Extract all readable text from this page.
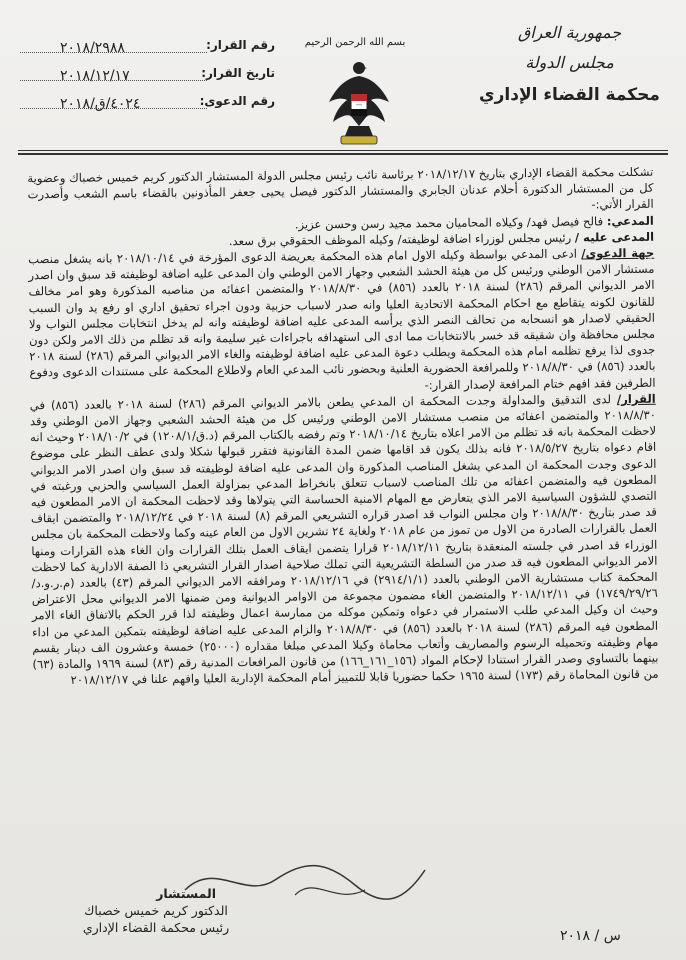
جمهورية العراق
مجلس الدولة
محكمة القضاء الإداري
بسم الله الرحمن الرحيم
***
رقم القرار:
٢٠١٨/٢٩٨٨
تاريخ القرار:
٢٠١٨/١٢/١٧
رقم الدعوى:
٤٠٢٤/ق/٢٠١٨

تشكلت محكمة القضاء الإداري بتاريخ ٢٠١٨/١٢/١٧ برئاسة نائب رئيس مجلس الدولة المستشار الدكتور كريم خميس خصباك وعضوية كل من المستشار الدكتورة أحلام عدنان الجابري والمستشار الدكتور فيصل يحيى جعفر المأذونين بالقضاء باسم الشعب وأصدرت القرار الأتي:-

المدعي: فالح فيصل فهد/ وكيلاه المحاميان محمد مجيد رسن وحسن عزيز.

المدعى عليه / رئيس مجلس لوزراء اضافة لوظيفته/ وكيله الموظف الحقوقي برق سعد.

جهة الدعوى/ ادعى المدعي بواسطة وكيله الاول امام هذه المحكمة بعريضة الدعوى المؤرخة في ٢٠١٨/١٠/١٤ بانه يشغل منصب مستشار الامن الوطني ورئيس كل من هيئة الحشد الشعبي وجهاز الامن الوطني وان المدعى عليه اضافة لوظيفته قد سبق وان اصدر الامر الديواني المرقم (٢٨٦) لسنة ٢٠١٨ بالعدد (٨٥٦) في ٢٠١٨/٨/٣٠ والمتضمن اعفائه من مناصبه المذكورة وهو امر مخالف للقانون لكونه يتقاطع مع احكام المحكمة الاتحادية العليا وانه صدر لاسباب حزبية ودون اجراء تحقيق اداري او رفع يد وان السبب الحقيقي لاصدار هو انسحابه من تحالف النصر الذي يرأسه المدعى عليه اضافة لوظيفته وانه لم يدخل انتخابات مجلس النواب ولا مجلس محافظة وان شقيقه قد خسر بالانتخابات مما ادى الى استهدافه باجراءات غير سليمة وانه قد تظلم من ذلك الامر ولكن دون جدوى لذا يرفع تظلمه امام هذه المحكمة ويطلب دعوة المدعى عليه اضافة لوظيفته والغاء الامر الديواني المرقم (٢٨٦) لسنة ٢٠١٨ بالعدد (٨٥٦) في ٢٠١٨/٨/٣٠ وللمرافعة الحضورية العلنية وبحضور نائب المدعي العام ولاطلاع المحكمة على مستندات الدعوى ودفوع الطرفين فقد افهم ختام المرافعة لإصدار القرار:-

القرار/ لدى التدقيق والمداولة وجدت المحكمة ان المدعي يطعن بالامر الديواني المرقم (٢٨٦) لسنة ٢٠١٨ بالعدد (٨٥٦) في ٢٠١٨/٨/٣٠ والمتضمن اعفائه من منصب مستشار الامن الوطني ورئيس كل من هيئة الحشد الشعبي وجهاز الامن الوطني وقد لاحظت المحكمة بانه قد تظلم من الامر اعلاه بتاريخ ٢٠١٨/١٠/١٤ وتم رفضه بالكتاب المرقم (د.ق/١٢٠٨/١) في ٢٠١٨/١٠/٢ وحيث انه اقام دعواه بتاريخ ٢٠١٨/٥/٢٧ فانه بذلك يكون قد اقامها ضمن المدة القانونية فتقرر قبولها شكلا ولدى عطف النظر على موضوع الدعوى وجدت المحكمة ان المدعي يشغل المناصب المذكورة وان المدعى عليه اضافة لوظيفته قد سبق وان اصدر الامر الديواني المطعون فيه والمتضمن اعفائه من تلك المناصب لاسباب تتعلق بانخراط المدعي بمزاولة العمل السياسي والحزبي ورغبته في التصدي للشؤون السياسية الامر الذي يتعارض مع المهام الامنية الحساسة التي يتولاها وقد لاحظت المحكمة ان الامر المطعون فيه قد صدر بتاريخ ٢٠١٨/٨/٣٠ وان مجلس النواب قد اصدر قراره التشريعي المرقم (٨) لسنة ٢٠١٨ في ٢٠١٨/١٢/٢٤ والمتضمن ايقاف العمل بالقرارات الصادرة من الاول من تموز من عام ٢٠١٨ ولغاية ٢٤ تشرين الاول من العام عينه وكما ولاحظت المحكمة بان مجلس الوزراء قد اصدر في جلسته المنعقدة بتاريخ ٢٠١٨/١٢/١١ قرارا يتضمن ايقاف العمل بتلك القرارات وان الغاء هذه القرارات ومنها الامر الديواني المطعون فيه قد صدر من السلطة التشريعية التي تملك صلاحية اصدار القرار التشريعي ذا الصفة الادارية كما لاحظت المحكمة كتاب مستشارية الامن الوطني بالعدد (٢٩١٤/١/١) في ٢٠١٨/١٢/١٦ ومرافقه الامر الديواني المرقم (٤٣) بالعدد (م.ر.و.د/١٧٤٩/٢٩/٢٦) في ٢٠١٨/١٢/١١ والمتضمن الغاء مضمون مجموعة من الاوامر الديوانية ومن ضمنها الامر الديواني محل الاعتراض وحيث ان وكيل المدعي طلب الاستمرار في دعواه وتمكين موكله من ممارسة اعمال وظيفته لذا قرر الحكم بالاتفاق الغاء الامر المطعون فيه المرقم (٢٨٦) لسنة ٢٠١٨ بالعدد (٨٥٦) في ٢٠١٨/٨/٣٠ والزام المدعى عليه اضافة لوظيفته بتمكين المدعي من اداء مهام وظيفته وتحميله الرسوم والمصاريف وأتعاب محاماة وكيلا المدعي مبلغا مقداره (٢٥٠٠٠) خمسة وعشرون الف دينار يقسم بينهما بالتساوي وصدر القرار استنادا لإحكام المواد (١٥٦_١٦١_١٦٦) من قانون المرافعات المدنية رقم (٨٣) لسنة ١٩٦٩ والمادة (٦٣) من قانون المحاماة رقم (١٧٣) لسنة ١٩٦٥ حكما حضوريا قابلا للتمييز أمام المحكمة الإدارية العليا وافهم علنا في ٢٠١٨/١٢/١٧

المستشار
الدكتور كريم خميس خصباك
رئيس محكمة القضاء الإداري
س / ٢٠١٨
